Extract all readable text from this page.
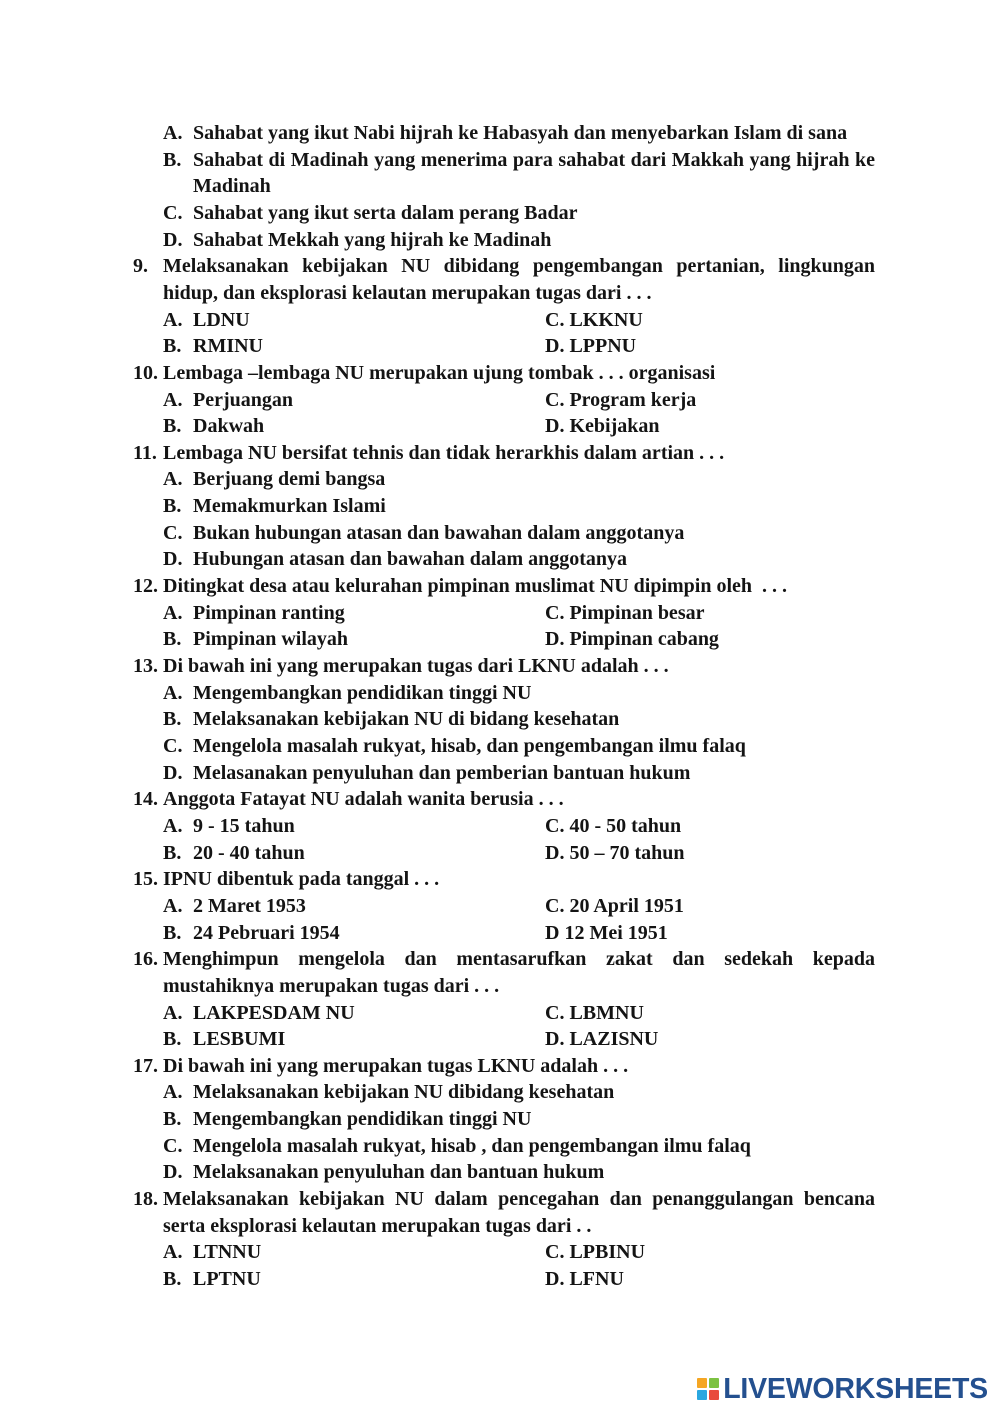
A. Sahabat yang ikut Nabi hijrah ke Habasyah dan menyebarkan Islam di sana
B. Sahabat di Madinah yang menerima para sahabat dari Makkah yang hijrah ke Madinah
C. Sahabat yang ikut serta dalam perang Badar
D. Sahabat Mekkah yang hijrah ke Madinah
9. Melaksanakan kebijakan NU dibidang pengembangan pertanian, lingkungan hidup, dan eksplorasi kelautan merupakan tugas dari . . .
A. LDNU	C. LKKNU
B. RMINU	D. LPPNU
10. Lembaga –lembaga NU merupakan ujung tombak . . . organisasi
A. Perjuangan	C. Program kerja
B. Dakwah	D. Kebijakan
11. Lembaga NU bersifat tehnis dan tidak herarkhis dalam artian . . .
A. Berjuang demi bangsa
B. Memakmurkan Islami
C. Bukan hubungan atasan dan bawahan dalam anggotanya
D. Hubungan atasan dan bawahan dalam anggotanya
12. Ditingkat desa atau kelurahan pimpinan muslimat NU dipimpin oleh  . . .
A. Pimpinan ranting	C. Pimpinan besar
B. Pimpinan wilayah	D. Pimpinan cabang
13. Di bawah ini yang merupakan tugas dari LKNU adalah . . .
A. Mengembangkan pendidikan tinggi NU
B. Melaksanakan kebijakan NU di bidang kesehatan
C. Mengelola masalah rukyat, hisab, dan pengembangan ilmu falaq
D. Melasanakan penyuluhan dan pemberian bantuan hukum
14. Anggota Fatayat NU adalah wanita berusia . . .
A. 9 - 15 tahun	C. 40 - 50 tahun
B. 20 - 40 tahun	D. 50 – 70 tahun
15. IPNU dibentuk pada tanggal . . .
A. 2 Maret 1953	C. 20 April 1951
B. 24 Pebruari 1954	D 12 Mei 1951
16. Menghimpun mengelola dan mentasarufkan zakat dan sedekah kepada mustahiknya merupakan tugas dari . . .
A. LAKPESDAM NU	C. LBMNU
B. LESBUMI	D. LAZISNU
17. Di bawah ini yang merupakan tugas LKNU adalah . . .
A. Melaksanakan kebijakan NU dibidang kesehatan
B. Mengembangkan pendidikan tinggi NU
C. Mengelola masalah rukyat, hisab , dan pengembangan ilmu falaq
D. Melaksanakan penyuluhan dan bantuan hukum
18. Melaksanakan kebijakan NU dalam pencegahan dan penanggulangan bencana serta eksplorasi kelautan merupakan tugas dari . .
A. LTNNU	C. LPBINU
B. LPTNU	D. LFNU
LIVEWORKSHEETS
